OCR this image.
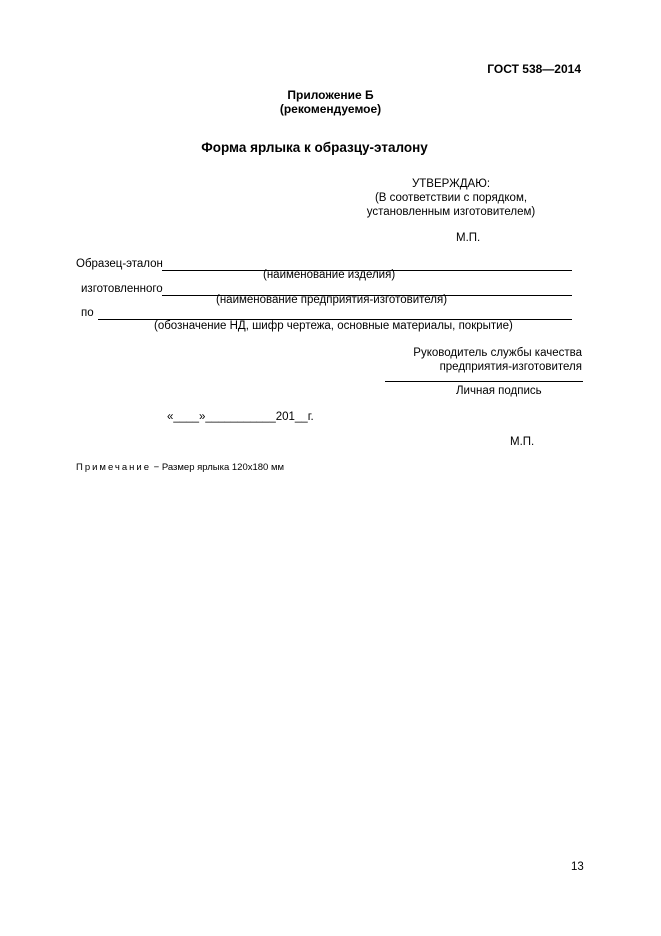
ГОСТ 538—2014
Приложение Б
(рекомендуемое)
Форма ярлыка к образцу-эталону
УТВЕРЖДАЮ:
(В соответствии с порядком,
установленным изготовителем)
М.П.
Образец-эталон
(наименование изделия)
изготовленного
(наименование предприятия-изготовителя)
по
(обозначение НД, шифр чертежа, основные материалы, покрытие)
Руководитель службы качества
предприятия-изготовителя
Личная подпись
«____»___________201__г.
М.П.
Примечание − Размер ярлыка 120х180 мм
13
